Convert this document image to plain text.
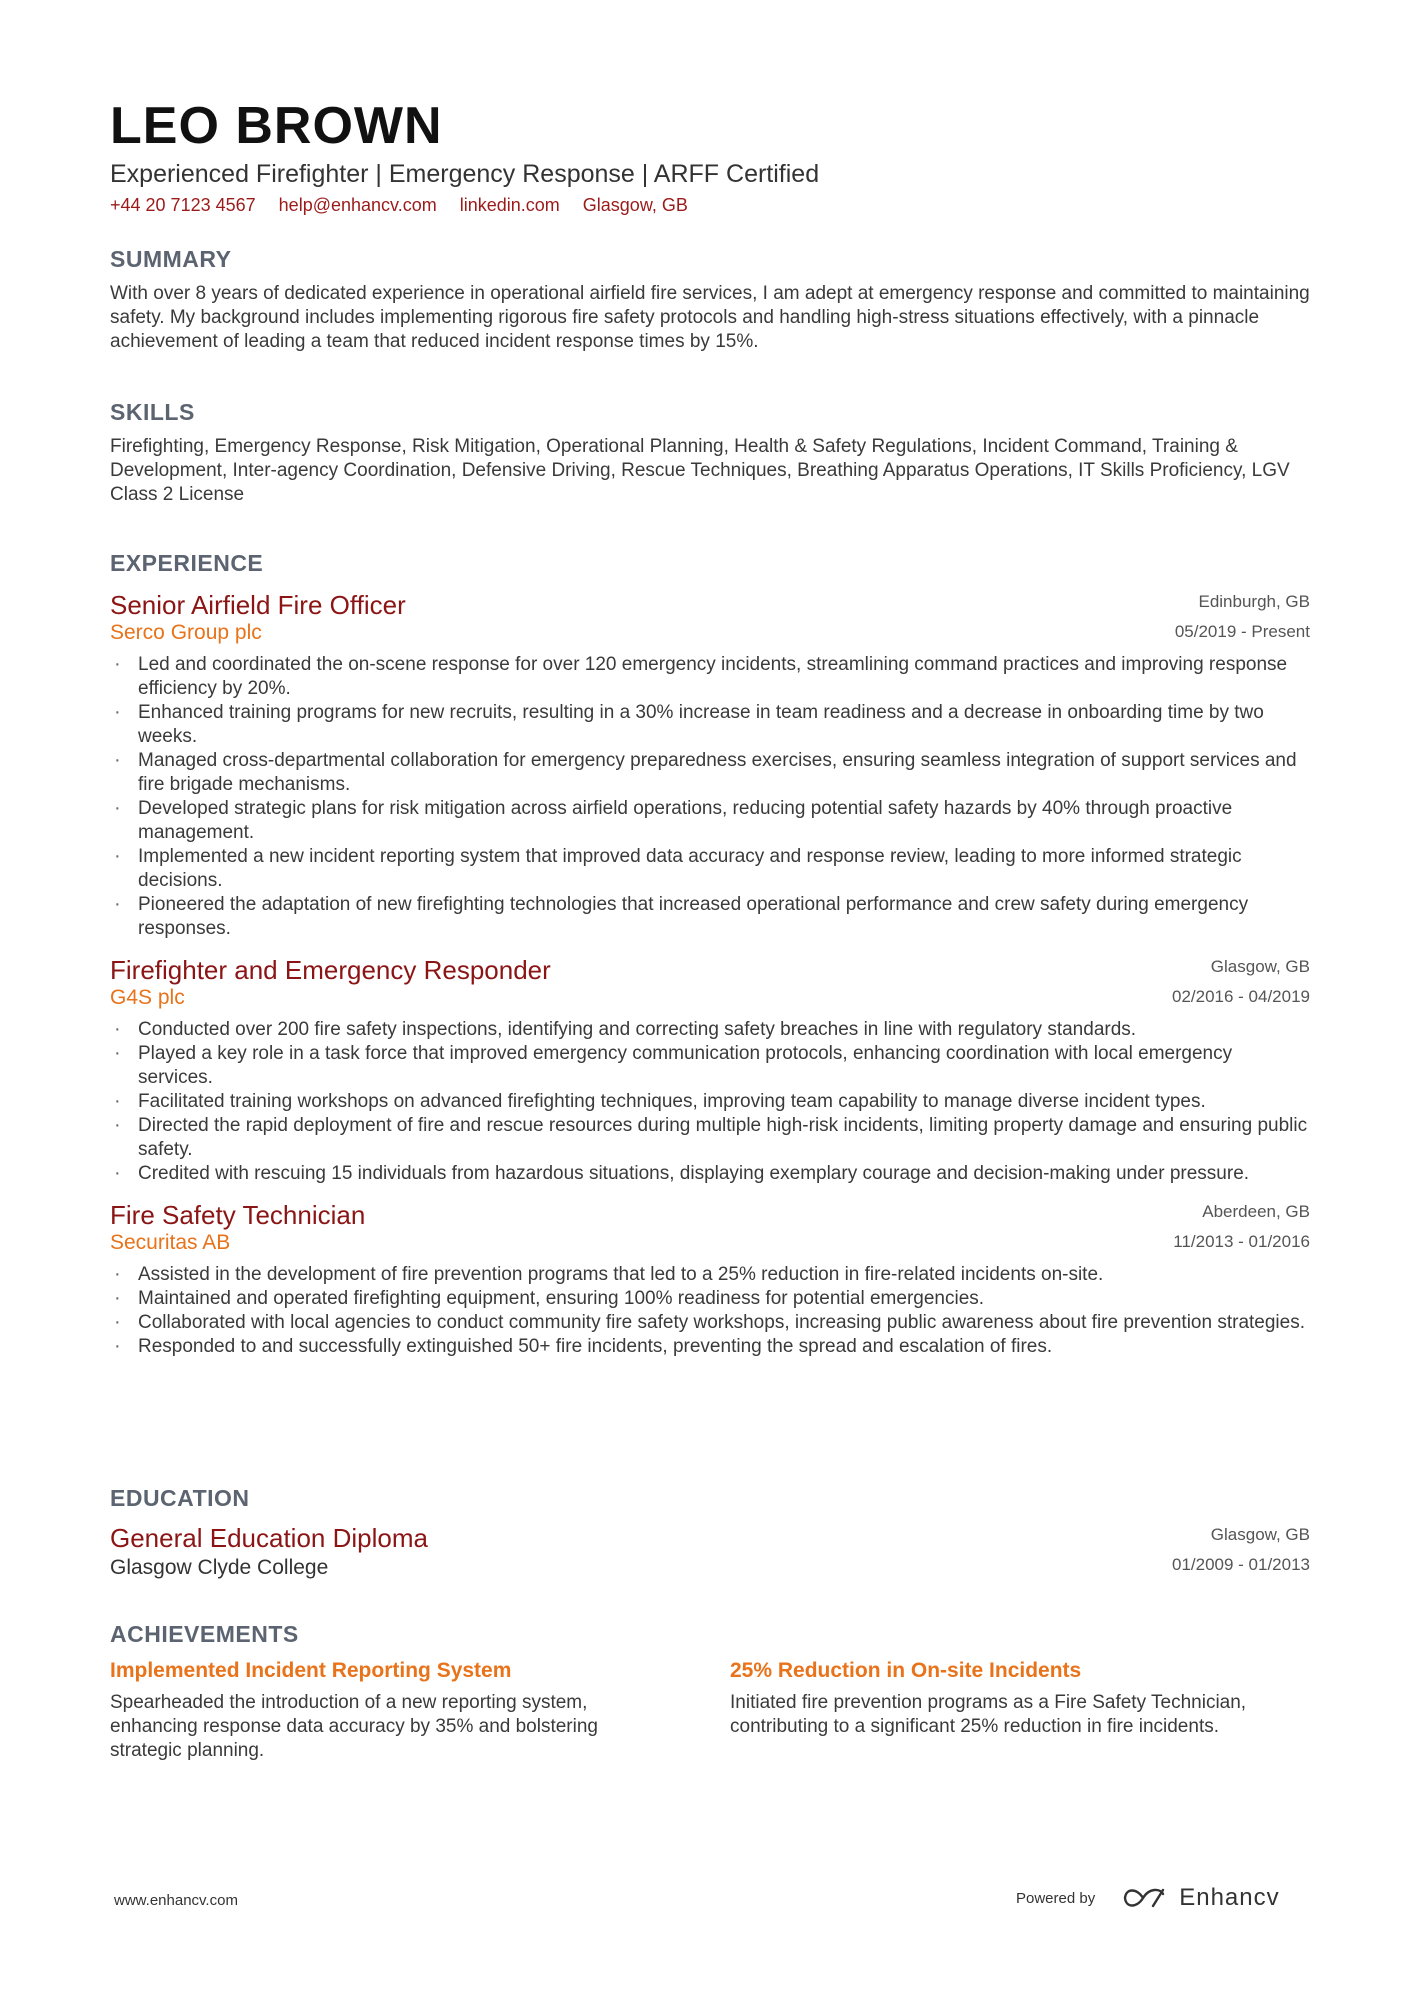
LEO BROWN
Experienced Firefighter | Emergency Response | ARFF Certified
+44 20 7123 4567 help@enhancv.com linkedin.com Glasgow, GB
SUMMARY
With over 8 years of dedicated experience in operational airfield fire services, I am adept at emergency response and committed to maintaining safety. My background includes implementing rigorous fire safety protocols and handling high-stress situations effectively, with a pinnacle achievement of leading a team that reduced incident response times by 15%.
SKILLS
Firefighting, Emergency Response, Risk Mitigation, Operational Planning, Health & Safety Regulations, Incident Command, Training & Development, Inter-agency Coordination, Defensive Driving, Rescue Techniques, Breathing Apparatus Operations, IT Skills Proficiency, LGV Class 2 License
EXPERIENCE
Senior Airfield Fire Officer
Serco Group plc
Edinburgh, GB
05/2019 - Present
· Led and coordinated the on-scene response for over 120 emergency incidents, streamlining command practices and improving response efficiency by 20%.
· Enhanced training programs for new recruits, resulting in a 30% increase in team readiness and a decrease in onboarding time by two weeks.
· Managed cross-departmental collaboration for emergency preparedness exercises, ensuring seamless integration of support services and fire brigade mechanisms.
· Developed strategic plans for risk mitigation across airfield operations, reducing potential safety hazards by 40% through proactive management.
· Implemented a new incident reporting system that improved data accuracy and response review, leading to more informed strategic decisions.
· Pioneered the adaptation of new firefighting technologies that increased operational performance and crew safety during emergency responses.
Firefighter and Emergency Responder
G4S plc
Glasgow, GB
02/2016 - 04/2019
· Conducted over 200 fire safety inspections, identifying and correcting safety breaches in line with regulatory standards.
· Played a key role in a task force that improved emergency communication protocols, enhancing coordination with local emergency services.
· Facilitated training workshops on advanced firefighting techniques, improving team capability to manage diverse incident types.
· Directed the rapid deployment of fire and rescue resources during multiple high-risk incidents, limiting property damage and ensuring public safety.
· Credited with rescuing 15 individuals from hazardous situations, displaying exemplary courage and decision-making under pressure.
Fire Safety Technician
Securitas AB
Aberdeen, GB
11/2013 - 01/2016
· Assisted in the development of fire prevention programs that led to a 25% reduction in fire-related incidents on-site.
· Maintained and operated firefighting equipment, ensuring 100% readiness for potential emergencies.
· Collaborated with local agencies to conduct community fire safety workshops, increasing public awareness about fire prevention strategies.
· Responded to and successfully extinguished 50+ fire incidents, preventing the spread and escalation of fires.
EDUCATION
General Education Diploma
Glasgow Clyde College
Glasgow, GB
01/2009 - 01/2013
ACHIEVEMENTS
Implemented Incident Reporting System
Spearheaded the introduction of a new reporting system, enhancing response data accuracy by 35% and bolstering strategic planning.
25% Reduction in On-site Incidents
Initiated fire prevention programs as a Fire Safety Technician, contributing to a significant 25% reduction in fire incidents.
www.enhancv.com	Powered by	Enhancv
